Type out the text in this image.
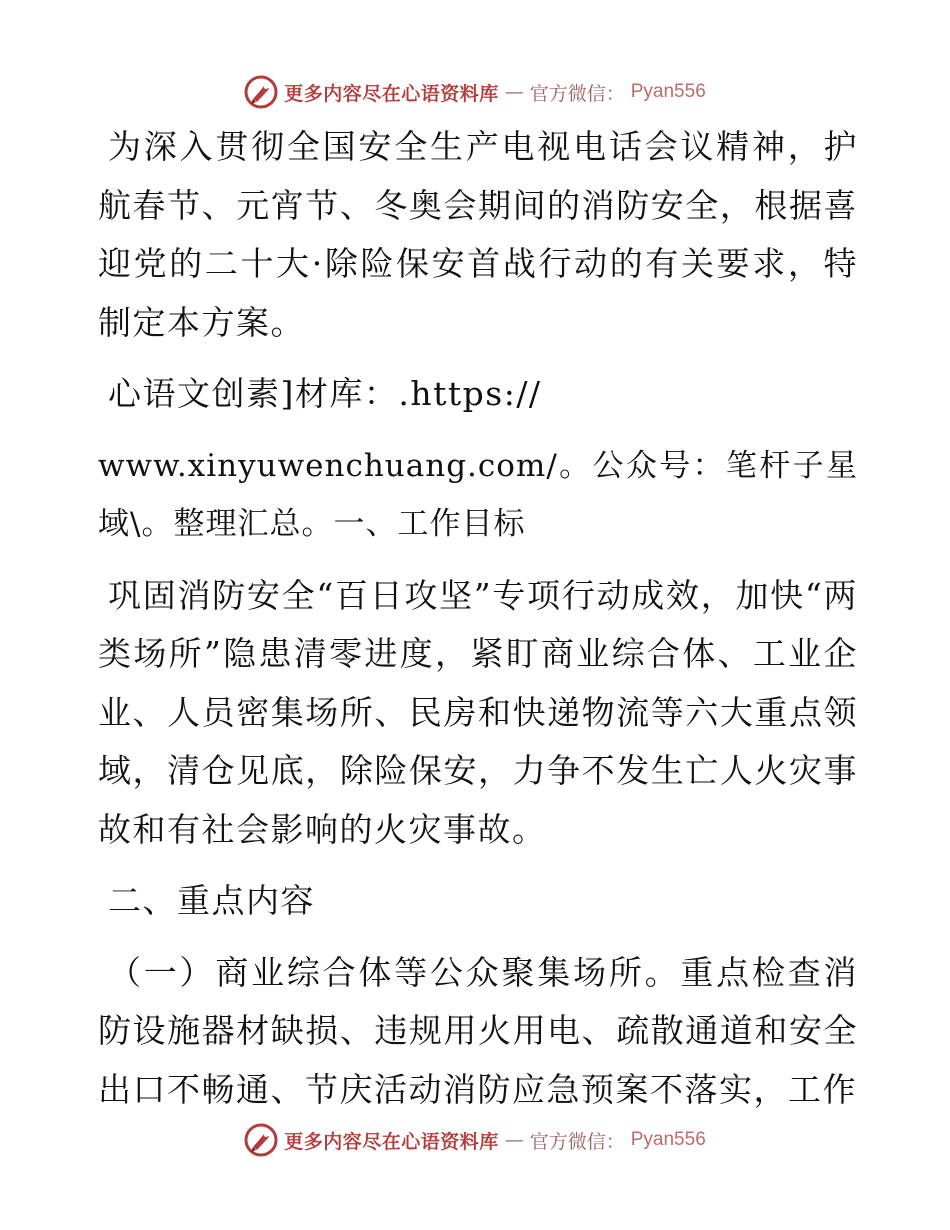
更多内容尽在心语资料库 — 官方微信： Pyan556

为深入贯彻全国安全生产电视电话会议精神，护航春节、元宵节、冬奥会期间的消防安全，根据喜迎党的二十大·除险保安首战行动的有关要求，特制定本方案。

心语文创素]材库：.https://

www.xinyuwenchuang.com/。公众号：笔杆子星域\。整理汇总。一、工作目标

巩固消防安全“百日攻坚”专项行动成效，加快“两类场所”隐患清零进度，紧盯商业综合体、工业企业、人员密集场所、民房和快递物流等六大重点领域，清仓见底，除险保安，力争不发生亡人火灾事故和有社会影响的火灾事故。

二、重点内容

（一）商业综合体等公众聚集场所。重点检查消防设施器材缺损、违规用火用电、疏散通道和安全出口不畅通、节庆活动消防应急预案不落实，工作

更多内容尽在心语资料库 — 官方微信： Pyan556
